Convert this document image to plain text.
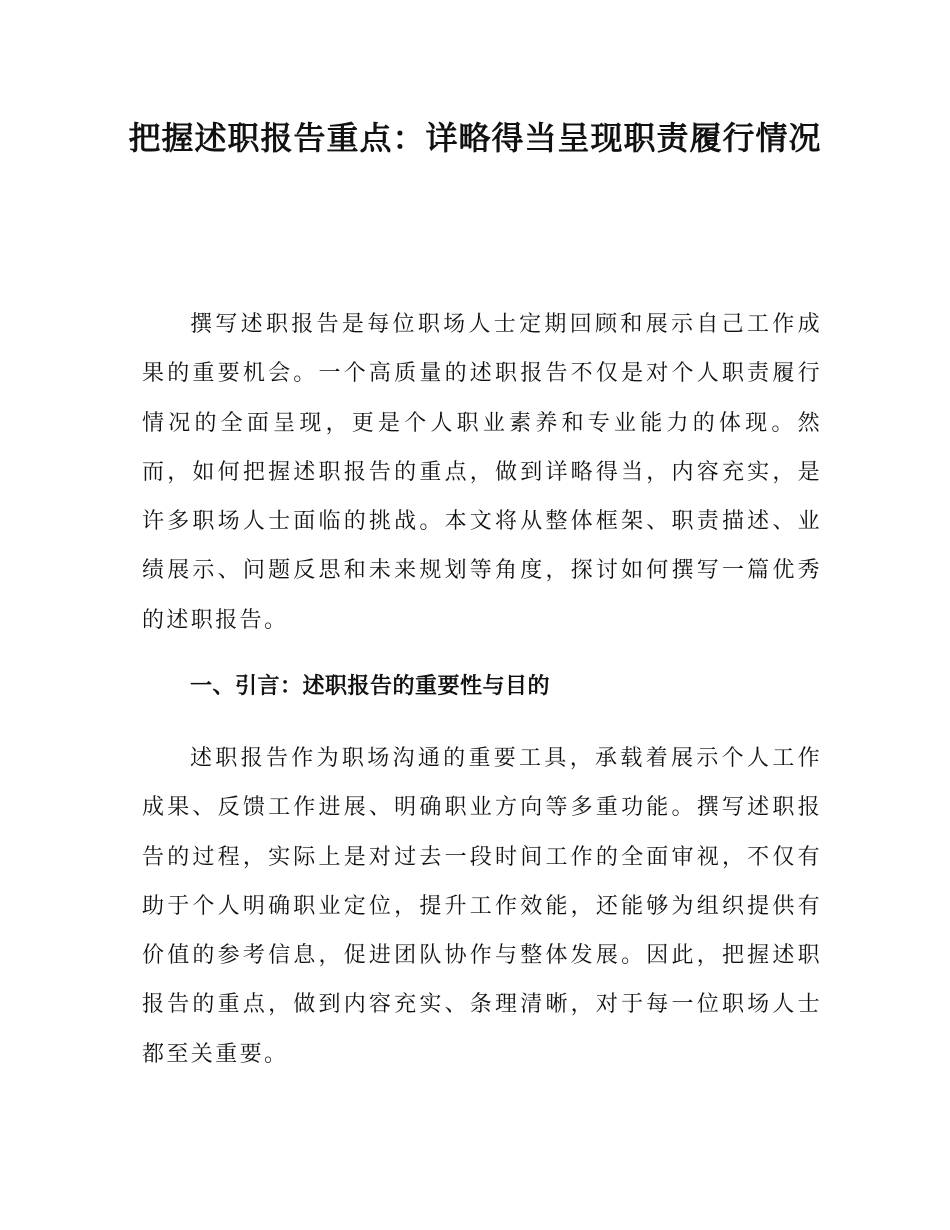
把握述职报告重点：详略得当呈现职责履行情况

撰写述职报告是每位职场人士定期回顾和展示自己工作成果的重要机会。一个高质量的述职报告不仅是对个人职责履行情况的全面呈现，更是个人职业素养和专业能力的体现。然而，如何把握述职报告的重点，做到详略得当，内容充实，是许多职场人士面临的挑战。本文将从整体框架、职责描述、业绩展示、问题反思和未来规划等角度，探讨如何撰写一篇优秀的述职报告。

一、引言：述职报告的重要性与目的

述职报告作为职场沟通的重要工具，承载着展示个人工作成果、反馈工作进展、明确职业方向等多重功能。撰写述职报告的过程，实际上是对过去一段时间工作的全面审视，不仅有助于个人明确职业定位，提升工作效能，还能够为组织提供有价值的参考信息，促进团队协作与整体发展。因此，把握述职报告的重点，做到内容充实、条理清晰，对于每一位职场人士都至关重要。
